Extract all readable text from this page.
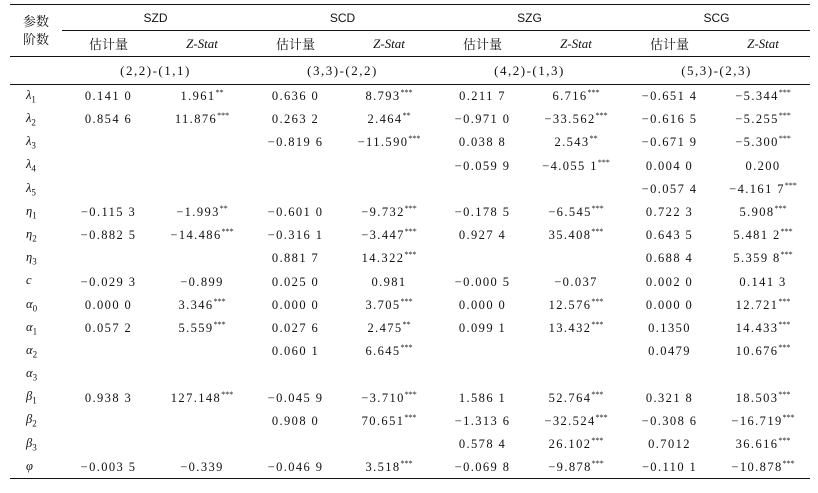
参数
阶数	SZD		SCD		SZG		SCG	
	估计量	Z-Stat	估计量	Z-Stat	估计量	Z-Stat	估计量	Z-Stat
	(2,2)-(1,1)		(3,3)-(2,2)		(4,2)-(1,3)		(5,3)-(2,3)	
$\lambda_1$	0.141 0	1.961**	0.636 0	8.793***	0.211 7	6.716***	−0.651 4	−5.344***
$\lambda_2$	0.854 6	11.876***	0.263 2	2.464**	−0.971 0	−33.562***	−0.616 5	−5.255***
$\lambda_3$			−0.819 6	−11.590***	0.038 8	2.543**	−0.671 9	−5.300***
$\lambda_4$					−0.059 9	−4.055 1***	0.004 0	0.200
$\lambda_5$							−0.057 4	−4.161 7***
$\eta_1$	−0.115 3	−1.993**	−0.601 0	−9.732***	−0.178 5	−6.545***	0.722 3	5.908***
$\eta_2$	−0.882 5	−14.486***	−0.316 1	−3.447***	0.927 4	35.408***	0.643 5	5.481 2***
$\eta_3$			0.881 7	14.322***			0.688 4	5.359 8***
c	−0.029 3	−0.899	0.025 0	0.981	−0.000 5	−0.037	0.002 0	0.141 3
$\alpha_0$	0.000 0	3.346***	0.000 0	3.705***	0.000 0	12.576***	0.000 0	12.721***
$\alpha_1$	0.057 2	5.559***	0.027 6	2.475**	0.099 1	13.432***	0.1350	14.433***
$\alpha_2$			0.060 1	6.645***			0.0479	10.676***
$\alpha_3$								
$\beta_1$	0.938 3	127.148***	−0.045 9	−3.710***	1.586 1	52.764***	0.321 8	18.503***
$\beta_2$			0.908 0	70.651***	−1.313 6	−32.524***	−0.308 6	−16.719***
$\beta_3$					0.578 4	26.102***	0.7012	36.616***
φ	−0.003 5	−0.339	−0.046 9	3.518***	−0.069 8	−9.878***	−0.110 1	−10.878***
